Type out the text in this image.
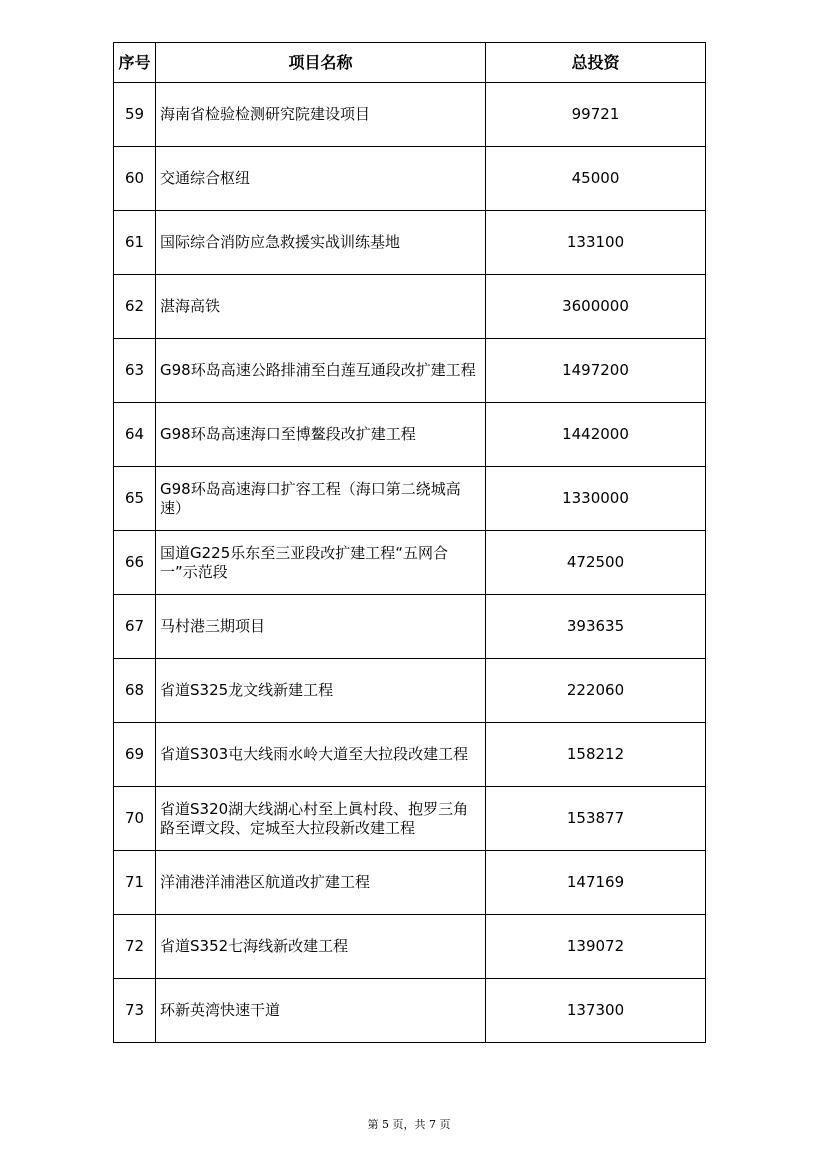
序号	项目名称	总投资
59	海南省检验检测研究院建设项目	99721
60	交通综合枢纽	45000
61	国际综合消防应急救援实战训练基地	133100
62	湛海高铁	3600000
63	G98环岛高速公路排浦至白莲互通段改扩建工程	1497200
64	G98环岛高速海口至博鳌段改扩建工程	1442000
65	G98环岛高速海口扩容工程（海口第二绕城高速）	1330000
66	国道G225乐东至三亚段改扩建工程“五网合一”示范段	472500
67	马村港三期项目	393635
68	省道S325龙文线新建工程	222060
69	省道S303屯大线雨水岭大道至大拉段改建工程	158212
70	省道S320湖大线湖心村至上眞村段、抱罗三角路至谭文段、定城至大拉段新改建工程	153877
71	洋浦港洋浦港区航道改扩建工程	147169
72	省道S352七海线新改建工程	139072
73	环新英湾快速干道	137300
第 5 页，共 7 页
